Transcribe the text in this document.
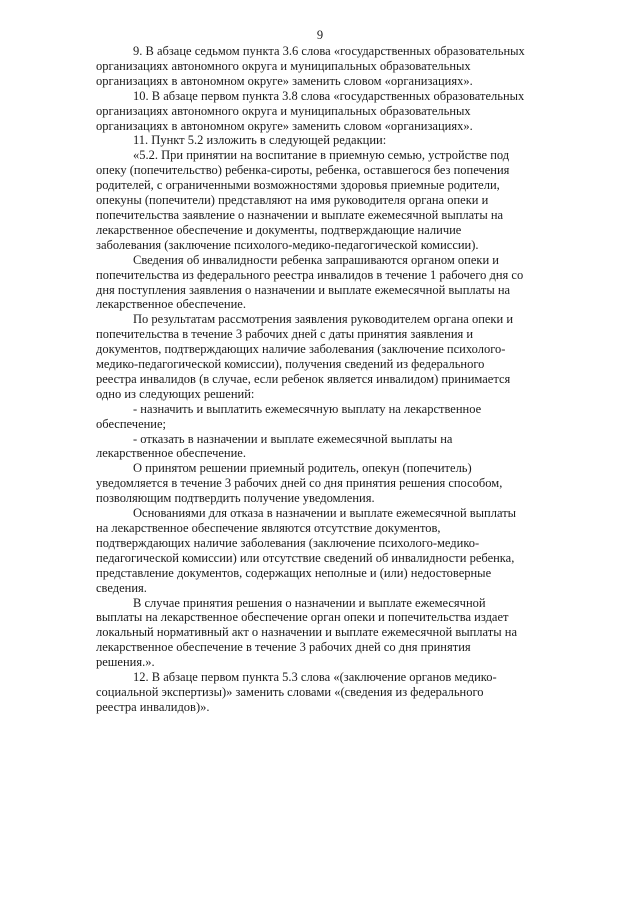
9

9. В абзаце седьмом пункта 3.6 слова «государственных образовательных
организациях автономного округа и муниципальных образовательных
организациях в автономном округе» заменить словом «организациях».

10. В абзаце первом пункта 3.8 слова «государственных образовательных
организациях автономного округа и муниципальных образовательных
организациях в автономном округе» заменить словом «организациях».

11. Пункт 5.2 изложить в следующей редакции:

«5.2. При принятии на воспитание в приемную семью, устройстве под
опеку (попечительство) ребенка-сироты, ребенка, оставшегося без попечения
родителей, с ограниченными возможностями здоровья приемные родители,
опекуны (попечители) представляют на имя руководителя органа опеки и
попечительства заявление о назначении и выплате ежемесячной выплаты на
лекарственное обеспечение и документы, подтверждающие наличие
заболевания (заключение психолого-медико-педагогической комиссии).

Сведения об инвалидности ребенка запрашиваются органом опеки и
попечительства из федерального реестра инвалидов в течение 1 рабочего дня со
дня поступления заявления о назначении и выплате ежемесячной выплаты на
лекарственное обеспечение.

По результатам рассмотрения заявления руководителем органа опеки и
попечительства в течение 3 рабочих дней с даты принятия заявления и
документов, подтверждающих наличие заболевания (заключение психолого-
медико-педагогической комиссии), получения сведений из федерального
реестра инвалидов (в случае, если ребенок является инвалидом) принимается
одно из следующих решений:

- назначить и выплатить ежемесячную выплату на лекарственное
обеспечение;

- отказать в назначении и выплате ежемесячной выплаты на
лекарственное обеспечение.

О принятом решении приемный родитель, опекун (попечитель)
уведомляется в течение 3 рабочих дней со дня принятия решения способом,
позволяющим подтвердить получение уведомления.

Основаниями для отказа в назначении и выплате ежемесячной выплаты
на лекарственное обеспечение являются отсутствие документов,
подтверждающих наличие заболевания (заключение психолого-медико-
педагогической комиссии) или отсутствие сведений об инвалидности ребенка,
представление документов, содержащих неполные и (или) недостоверные
сведения.

В случае принятия решения о назначении и выплате ежемесячной
выплаты на лекарственное обеспечение орган опеки и попечительства издает
локальный нормативный акт о назначении и выплате ежемесячной выплаты на
лекарственное обеспечение в течение 3 рабочих дней со дня принятия
решения.».

12. В абзаце первом пункта 5.3 слова «(заключение органов медико-
социальной экспертизы)» заменить словами «(сведения из федерального
реестра инвалидов)».
